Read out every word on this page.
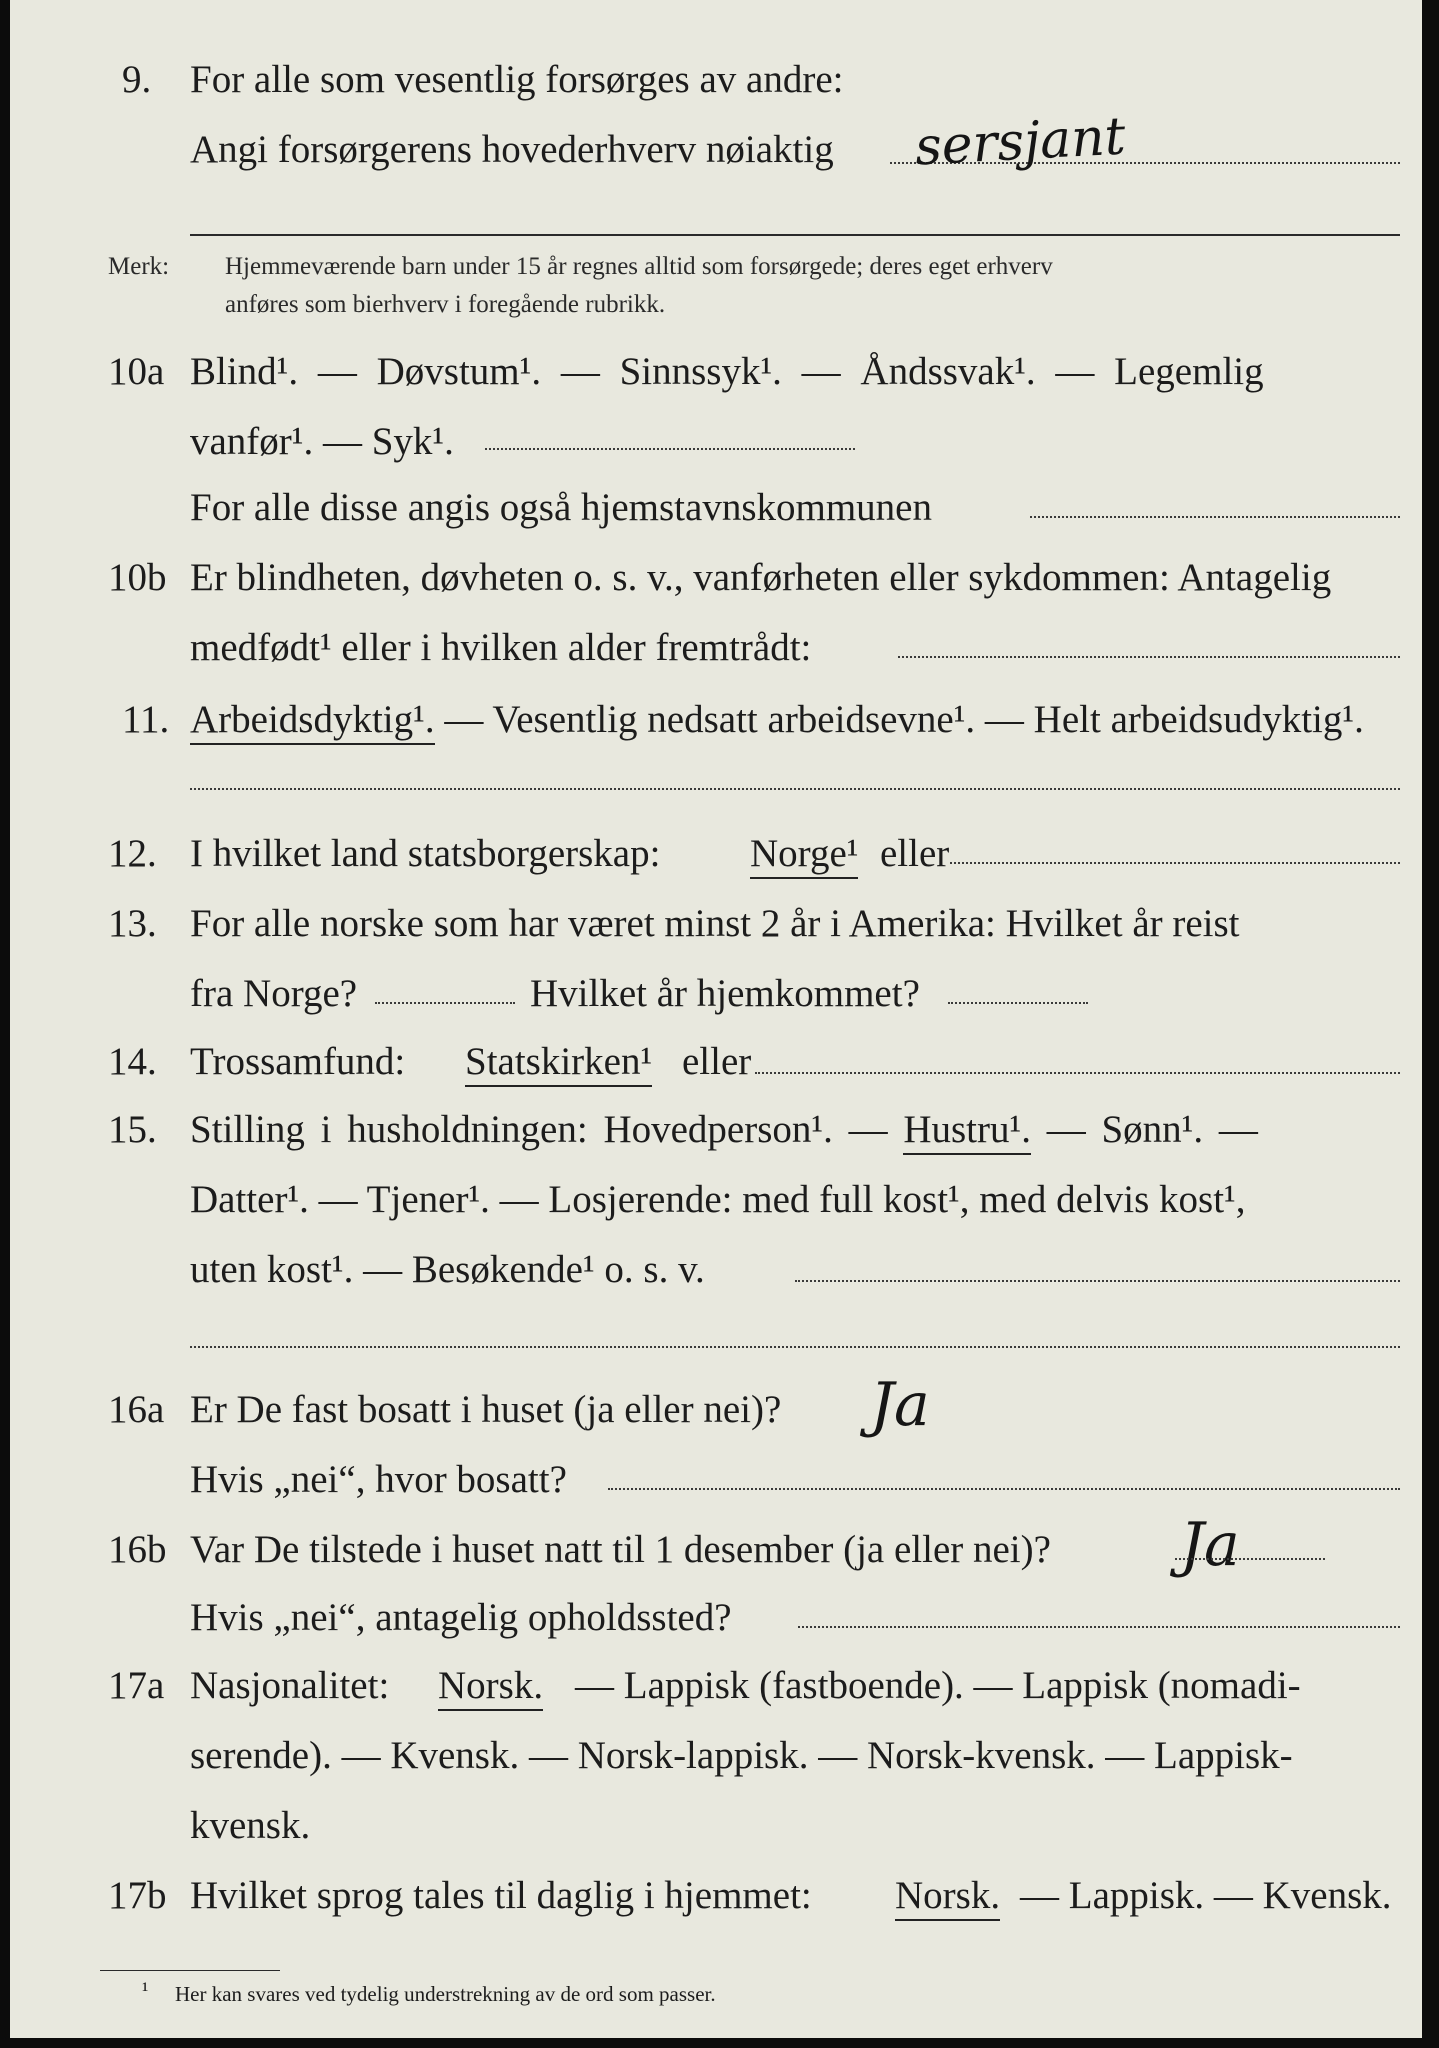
9. For alle som vesentlig forsørges av andre:
Angi forsørgerens hovederhverv nøiaktig sersjant
Merk: Hjemmeværende barn under 15 år regnes alltid som forsørgede; deres eget erhverv
anføres som bierhverv i foregående rubrikk.
10a Blind¹. — Døvstum¹. — Sinnssyk¹. — Åndssvak¹. — Legemlig
vanfør¹. — Syk¹.
For alle disse angis også hjemstavnskommunen
10b Er blindheten, døvheten o. s. v., vanførheten eller sykdommen: Antagelig
medfødt¹ eller i hvilken alder fremtrådt:
11. Arbeidsdyktig¹. — Vesentlig nedsatt arbeidsevne¹. — Helt arbeidsudyktig¹.
12. I hvilket land statsborgerskap: Norge¹ eller
13. For alle norske som har været minst 2 år i Amerika: Hvilket år reist
fra Norge?	Hvilket år hjemkommet?
14. Trossamfund: Statskirken¹ eller
15. Stilling i husholdningen: Hovedperson¹. — Hustru¹. — Sønn¹. —
Datter¹. — Tjener¹. — Losjerende: med full kost¹, med delvis kost¹,
uten kost¹. — Besøkende¹ o. s. v.
16a Er De fast bosatt i huset (ja eller nei)? Ja
Hvis „nei“, hvor bosatt?
16b Var De tilstede i huset natt til 1 desember (ja eller nei)? Ja
Hvis „nei“, antagelig opholdssted?
17a Nasjonalitet: Norsk. — Lappisk (fastboende). — Lappisk (nomadi-
serende). — Kvensk. — Norsk-lappisk. — Norsk-kvensk. — Lappisk-
kvensk.
17b Hvilket sprog tales til daglig i hjemmet: Norsk. — Lappisk. — Kvensk.
¹ Her kan svares ved tydelig understrekning av de ord som passer.
